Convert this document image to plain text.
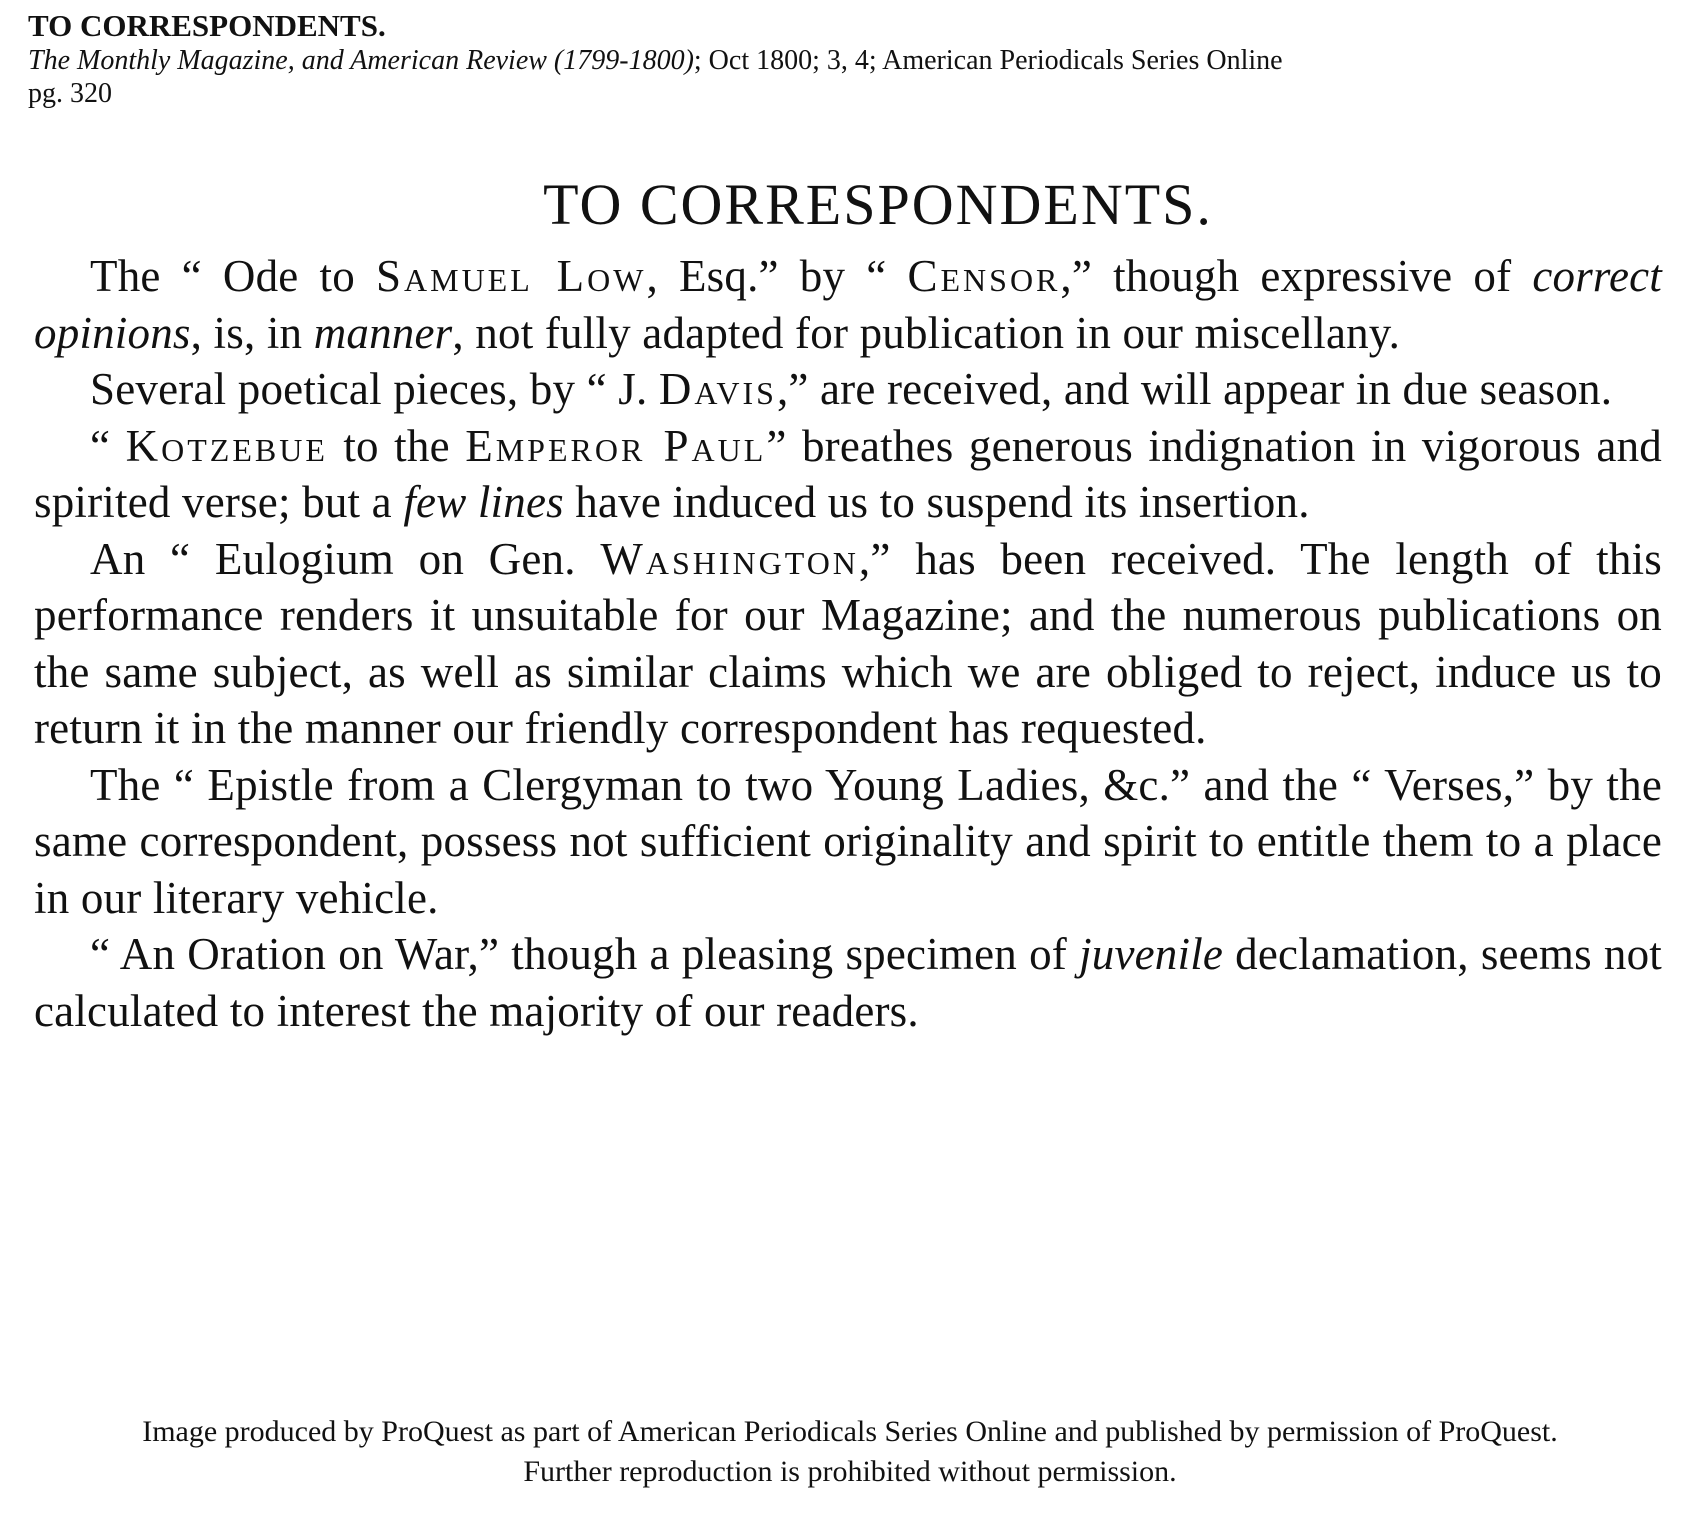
TO CORRESPONDENTS.

The Monthly Magazine, and American Review (1799-1800); Oct 1800; 3, 4; American Periodicals Series Online

pg. 320

TO CORRESPONDENTS.

The “ Ode to Samuel Low, Esq.” by “ Censor,” though expressive of correct opinions, is, in manner, not fully adapted for publication in our miscellany.

Several poetical pieces, by “ J. Davis,” are received, and will appear in due season.

“ Kotzebue to the Emperor Paul” breathes generous indignation in vigorous and spirited verse; but a few lines have induced us to suspend its insertion.

An “ Eulogium on Gen. Washington,” has been received. The length of this performance renders it unsuitable for our Magazine; and the numerous publications on the same subject, as well as similar claims which we are obliged to reject, induce us to return it in the manner our friendly correspondent has requested.

The “ Epistle from a Clergyman to two Young Ladies, &c.” and the “ Verses,” by the same correspondent, possess not sufficient originality and spirit to entitle them to a place in our literary vehicle.

“ An Oration on War,” though a pleasing specimen of juvenile declamation, seems not calculated to interest the majority of our readers.

Image produced by ProQuest as part of American Periodicals Series Online and published by permission of ProQuest.

Further reproduction is prohibited without permission.
